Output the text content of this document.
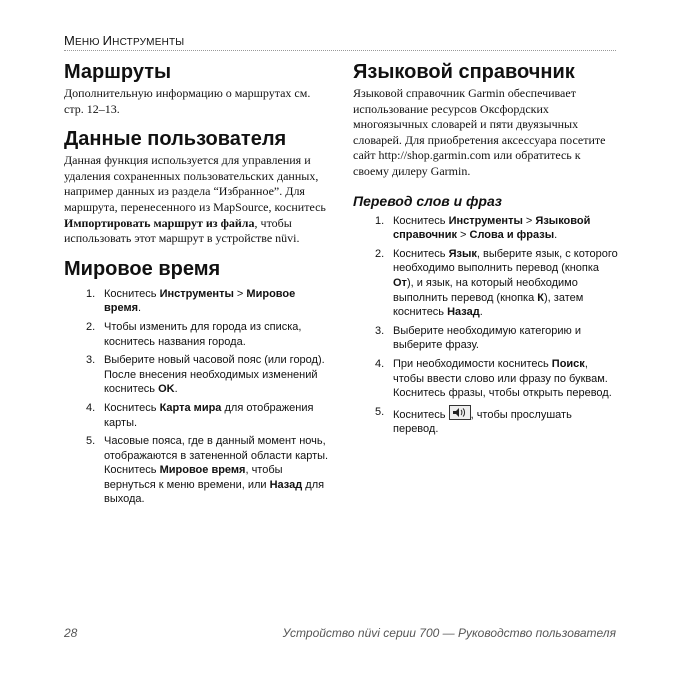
МЕНЮ ИНСТРУМЕНТЫ
Маршруты

Дополнительную информацию о маршрутах см. стр. 12–13.

Данные пользователя

Данная функция используется для управления и удаления сохраненных пользовательских данных, например данных из раздела “Избранное”. Для маршрута, перенесенного из MapSource, коснитесь Импортировать маршрут из файла, чтобы использовать этот маршрут в устройстве nüvi.

Мировое время
1. Коснитесь Инструменты > Мировое время.
2. Чтобы изменить для города из списка, коснитесь названия города.
3. Выберите новый часовой пояс (или город). После внесения необходимых изменений коснитесь OK.
4. Коснитесь Карта мира для отображения карты.
5. Часовые пояса, где в данный момент ночь, отображаются в затененной области карты. Коснитесь Мировое время, чтобы вернуться к меню времени, или Назад для выхода.
Языковой справочник

Языковой справочник Garmin обеспечивает использование ресурсов Оксфордских многоязычных словарей и пяти двуязычных словарей. Для приобретения аксессуара посетите сайт http://shop.garmin.com или обратитесь к своему дилеру Garmin.

Перевод слов и фраз
1. Коснитесь Инструменты > Языковой справочник > Слова и фразы.
2. Коснитесь Язык, выберите язык, с которого необходимо выполнить перевод (кнопка От), и язык, на который необходимо выполнить перевод (кнопка К), затем коснитесь Назад.
3. Выберите необходимую категорию и выберите фразу.
4. При необходимости коснитесь Поиск, чтобы ввести слово или фразу по буквам. Коснитесь фразы, чтобы открыть перевод.
5. Коснитесь
, чтобы прослушать перевод.
28	Устройство nüvi серии 700 — Руководство пользователя
